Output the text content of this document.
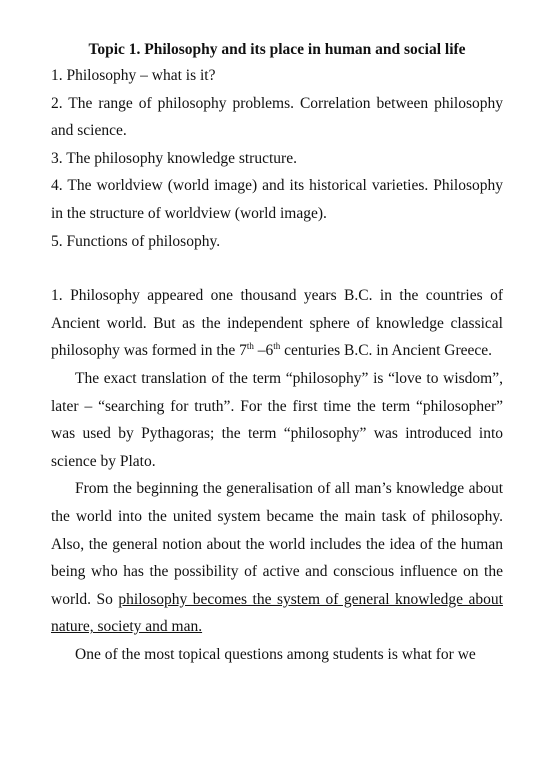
Topic 1. Philosophy and its place in human and social life

1. Philosophy – what is it?

2. The range of philosophy problems. Correlation between philosophy and science.

3. The philosophy knowledge structure.

4. The worldview (world image) and its historical varieties. Philosophy in the structure of worldview (world image).

5. Functions of philosophy.

1. Philosophy appeared one thousand years B.C. in the countries of Ancient world. But as the independent sphere of knowledge classical philosophy was formed in the 7th –6th centuries B.C. in Ancient Greece.

The exact translation of the term “philosophy” is “love to wisdom”, later – “searching for truth”. For the first time the term “philosopher” was used by Pythagoras; the term “philosophy” was introduced into science by Plato.

From the beginning the generalisation of all man’s knowledge about the world into the united system became the main task of philosophy. Also, the general notion about the world includes the idea of the human being who has the possibility of active and conscious influence on the world. So philosophy becomes the system of general knowledge about nature, society and man.

One of the most topical questions among students is what for we
